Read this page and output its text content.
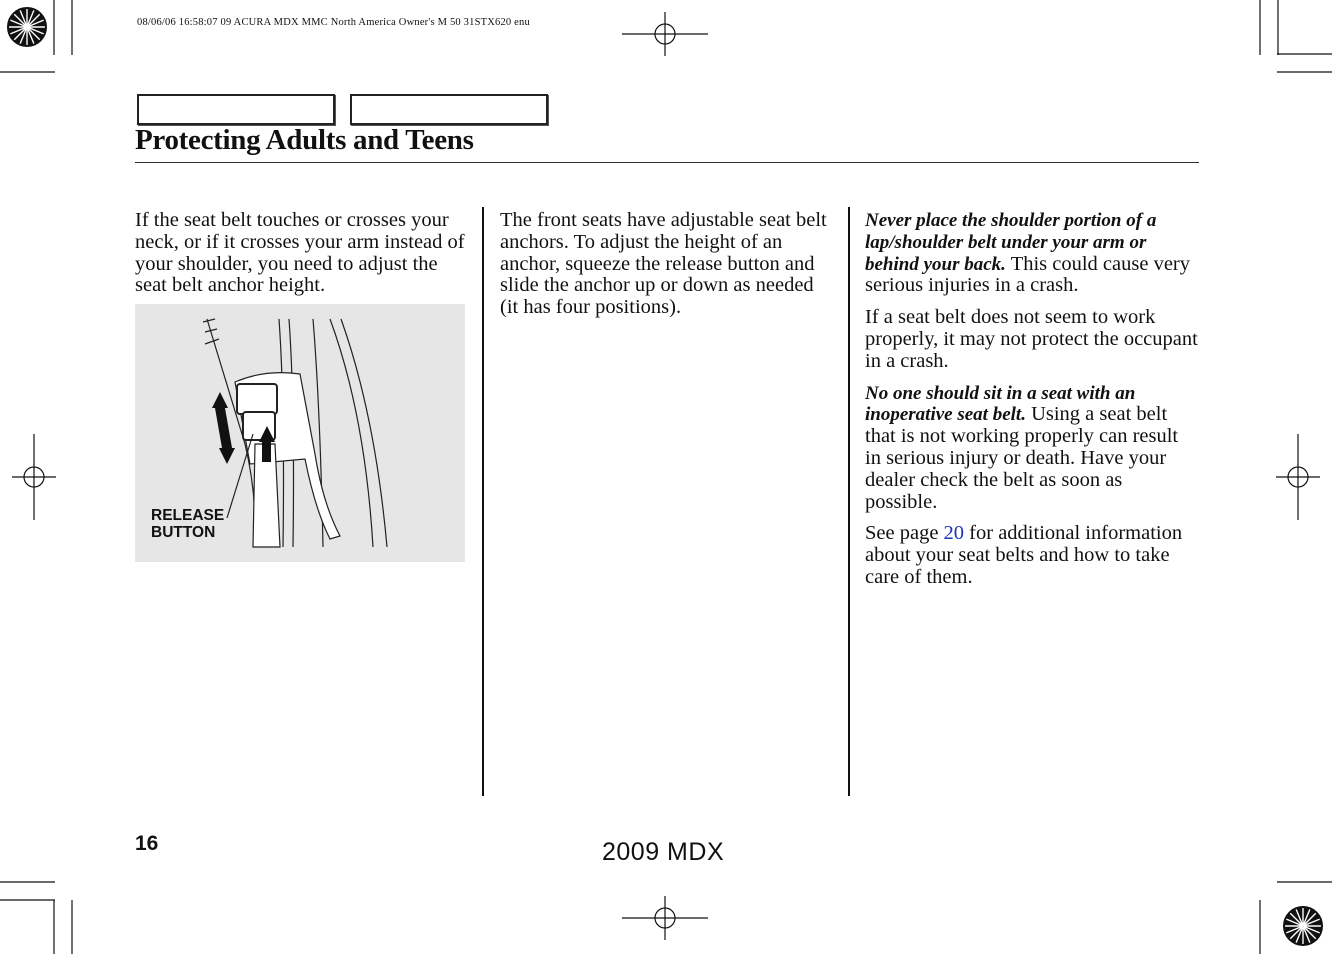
08/06/06 16:58:07 09 ACURA MDX MMC North America Owner's M 50 31STX620 enu
Protecting Adults and Teens

If the seat belt touches or crosses your neck, or if it crosses your arm instead of your shoulder, you need to adjust the seat belt anchor height.

RELEASE
BUTTON

The front seats have adjustable seat belt anchors. To adjust the height of an anchor, squeeze the release button and slide the anchor up or down as needed (it has four positions).

Never place the shoulder portion of a lap/shoulder belt under your arm or behind your back. This could cause very serious injuries in a crash.

If a seat belt does not seem to work properly, it may not protect the occupant in a crash.

No one should sit in a seat with an inoperative seat belt. Using a seat belt that is not working properly can result in serious injury or death. Have your dealer check the belt as soon as possible.

See page 20 for additional information about your seat belts and how to take care of them.

16	2009 MDX
